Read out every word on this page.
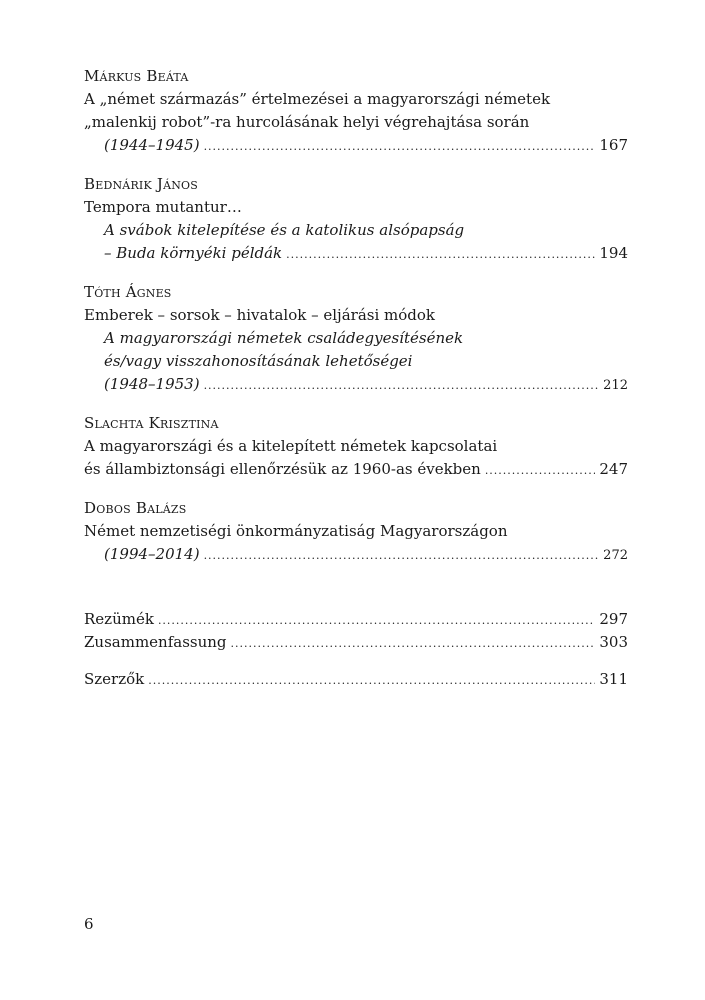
Márkus Beáta
A „német származás” értelmezései a magyarországi németek
„malenkij robot”-ra hurcolásának helyi végrehajtása során
(1944–1945) .....	167
Bednárik János
Tempora mutantur…
A svábok kitelepítése és a katolikus alsópapság
– Buda környéki példák .....	194
Tóth Ágnes
Emberek – sorsok – hivatalok – eljárási módok
A magyarországi németek családegyesítésének
és/vagy visszahonosításának lehetőségei
(1948–1953) .....	212
Slachta Krisztina
A magyarországi és a kitelepített németek kapcsolatai
és állambiztonsági ellenőrzésük az 1960-as években .....	247
Dobos Balázs
Német nemzetiségi önkormányzatiság Magyarországon
(1994–2014) .....	272
Rezümék .....	297
Zusammenfassung .....	303
Szerzők .....	311
6
